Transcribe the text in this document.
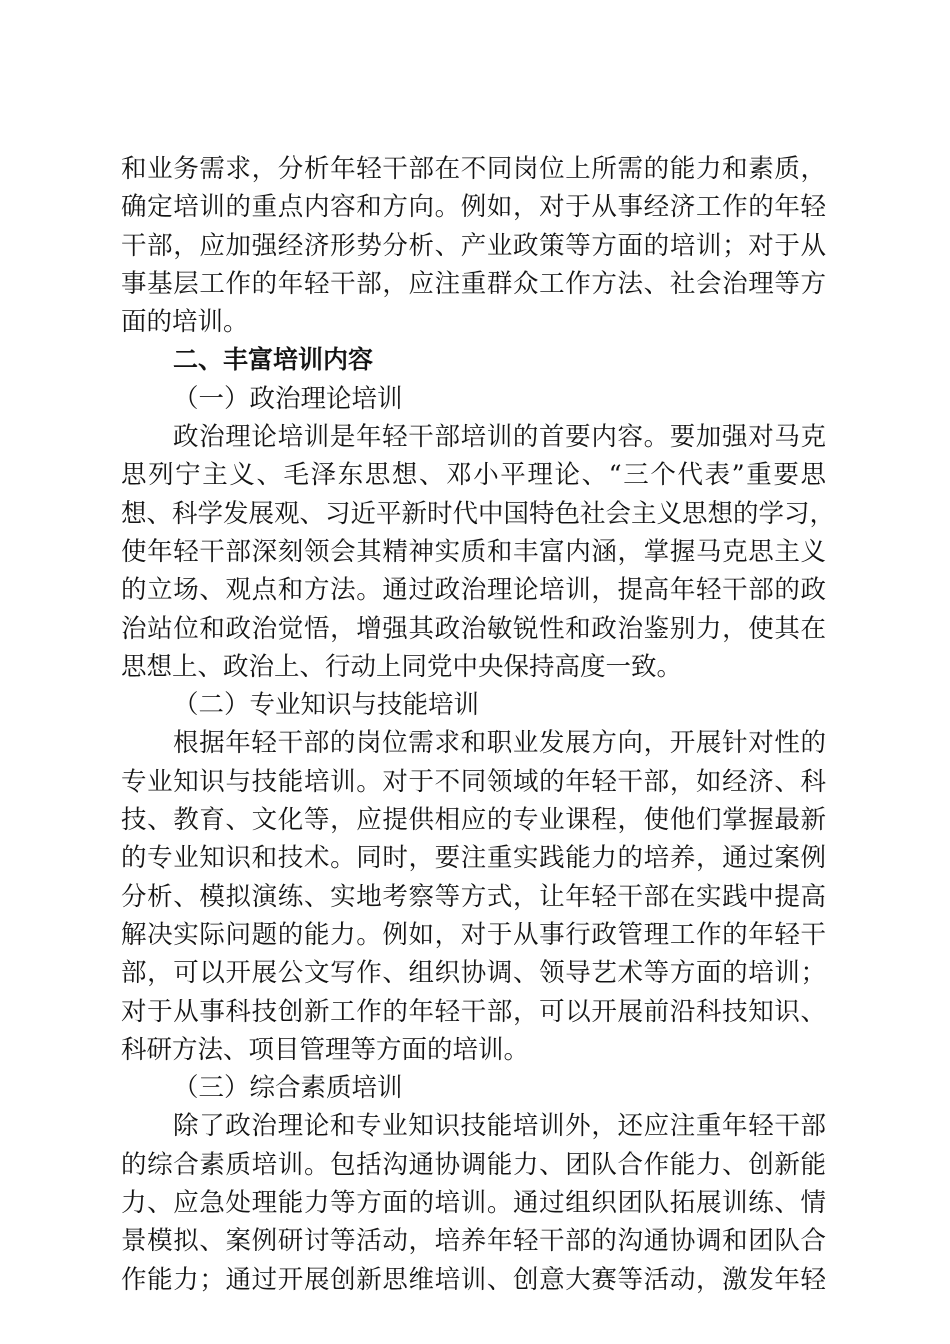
和业务需求，分析年轻干部在不同岗位上所需的能力和素质，
确定培训的重点内容和方向。例如，对于从事经济工作的年轻
干部，应加强经济形势分析、产业政策等方面的培训；对于从
事基层工作的年轻干部，应注重群众工作方法、社会治理等方
面的培训。
二、丰富培训内容
（一）政治理论培训
政治理论培训是年轻干部培训的首要内容。要加强对马克
思列宁主义、毛泽东思想、邓小平理论、“三个代表”重要思
想、科学发展观、习近平新时代中国特色社会主义思想的学习，
使年轻干部深刻领会其精神实质和丰富内涵，掌握马克思主义
的立场、观点和方法。通过政治理论培训，提高年轻干部的政
治站位和政治觉悟，增强其政治敏锐性和政治鉴别力，使其在
思想上、政治上、行动上同党中央保持高度一致。
（二）专业知识与技能培训
根据年轻干部的岗位需求和职业发展方向，开展针对性的
专业知识与技能培训。对于不同领域的年轻干部，如经济、科
技、教育、文化等，应提供相应的专业课程，使他们掌握最新
的专业知识和技术。同时，要注重实践能力的培养，通过案例
分析、模拟演练、实地考察等方式，让年轻干部在实践中提高
解决实际问题的能力。例如，对于从事行政管理工作的年轻干
部，可以开展公文写作、组织协调、领导艺术等方面的培训；
对于从事科技创新工作的年轻干部，可以开展前沿科技知识、
科研方法、项目管理等方面的培训。
（三）综合素质培训
除了政治理论和专业知识技能培训外，还应注重年轻干部
的综合素质培训。包括沟通协调能力、团队合作能力、创新能
力、应急处理能力等方面的培训。通过组织团队拓展训练、情
景模拟、案例研讨等活动，培养年轻干部的沟通协调和团队合
作能力；通过开展创新思维培训、创意大赛等活动，激发年轻
